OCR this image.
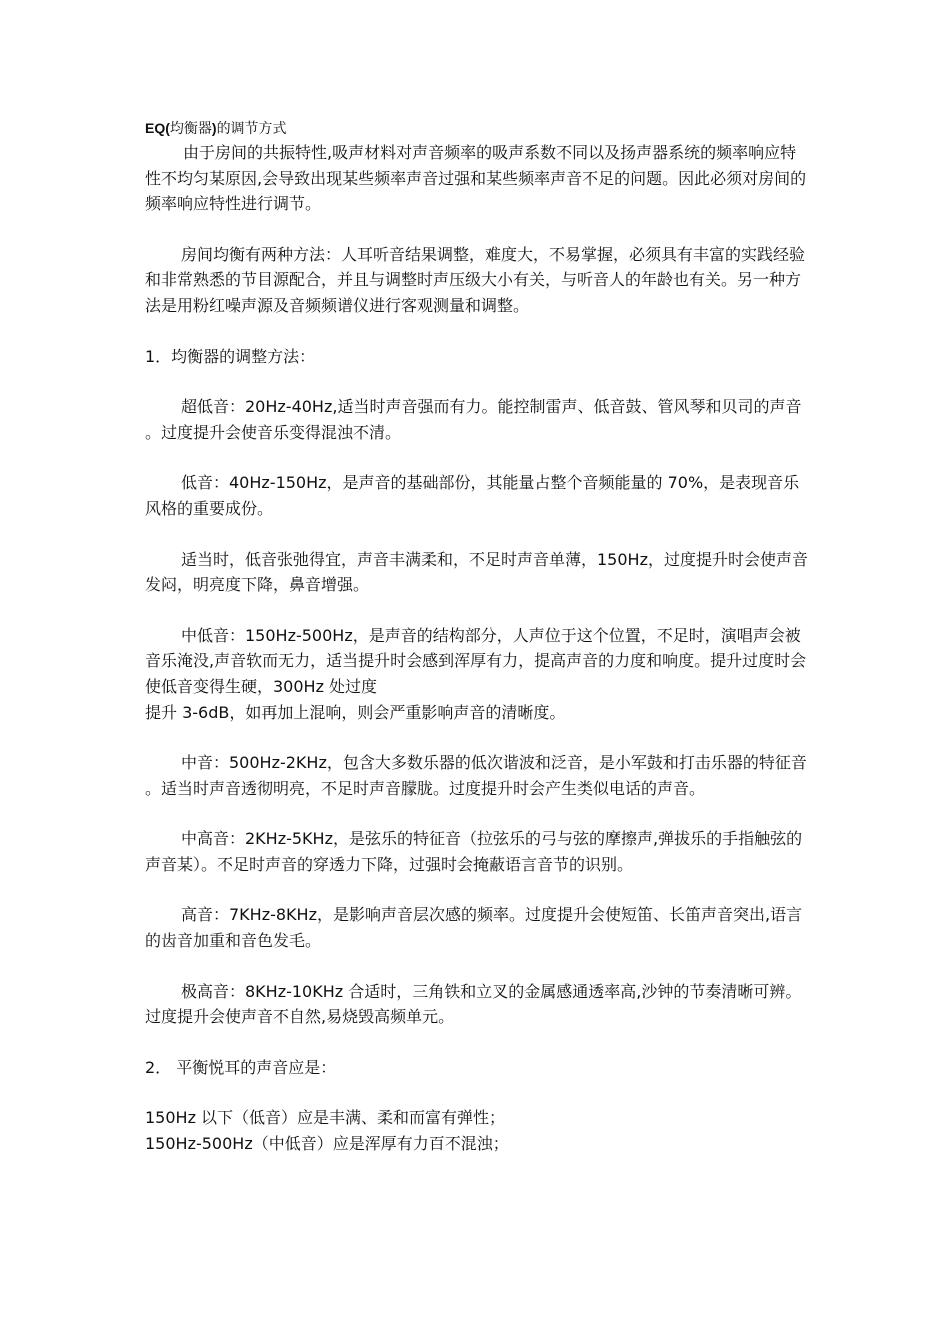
EQ(均衡器)的调节方式

由于房间的共振特性,吸声材料对声音频率的吸声系数不同以及扬声器系统的频率响应特性不均匀某原因,会导致出现某些频率声音过强和某些频率声音不足的问题。因此必须对房间的频率响应特性进行调节。

房间均衡有两种方法：人耳听音结果调整，难度大，不易掌握，必须具有丰富的实践经验和非常熟悉的节目源配合，并且与调整时声压级大小有关，与听音人的年龄也有关。另一种方法是用粉红噪声源及音频频谱仪进行客观测量和调整。

1．均衡器的调整方法：

超低音：20Hz-40Hz,适当时声音强而有力。能控制雷声、低音鼓、管风琴和贝司的声音。过度提升会使音乐变得混浊不清。

低音：40Hz-150Hz，是声音的基础部份，其能量占整个音频能量的 70%，是表现音乐风格的重要成份。

适当时，低音张弛得宜，声音丰满柔和，不足时声音单薄，150Hz，过度提升时会使声音发闷，明亮度下降，鼻音增强。

中低音：150Hz-500Hz，是声音的结构部分，人声位于这个位置，不足时，演唱声会被音乐淹没,声音软而无力，适当提升时会感到浑厚有力，提高声音的力度和响度。提升过度时会使低音变得生硬，300Hz 处过度

提升 3-6dB，如再加上混响，则会严重影响声音的清晰度。

中音：500Hz-2KHz，包含大多数乐器的低次谐波和泛音，是小军鼓和打击乐器的特征音。适当时声音透彻明亮，不足时声音朦胧。过度提升时会产生类似电话的声音。

中高音：2KHz-5KHz，是弦乐的特征音（拉弦乐的弓与弦的摩擦声,弹拔乐的手指触弦的声音某）。不足时声音的穿透力下降，过强时会掩蔽语言音节的识别。

高音：7KHz-8KHz，是影响声音层次感的频率。过度提升会使短笛、长笛声音突出,语言的齿音加重和音色发毛。

极高音：8KHz-10KHz 合适时，三角铁和立叉的金属感通透率高,沙钟的节奏清晰可辨。过度提升会使声音不自然,易烧毁高频单元。

2． 平衡悦耳的声音应是：

150Hz 以下（低音）应是丰满、柔和而富有弹性；

150Hz-500Hz（中低音）应是浑厚有力百不混浊；
